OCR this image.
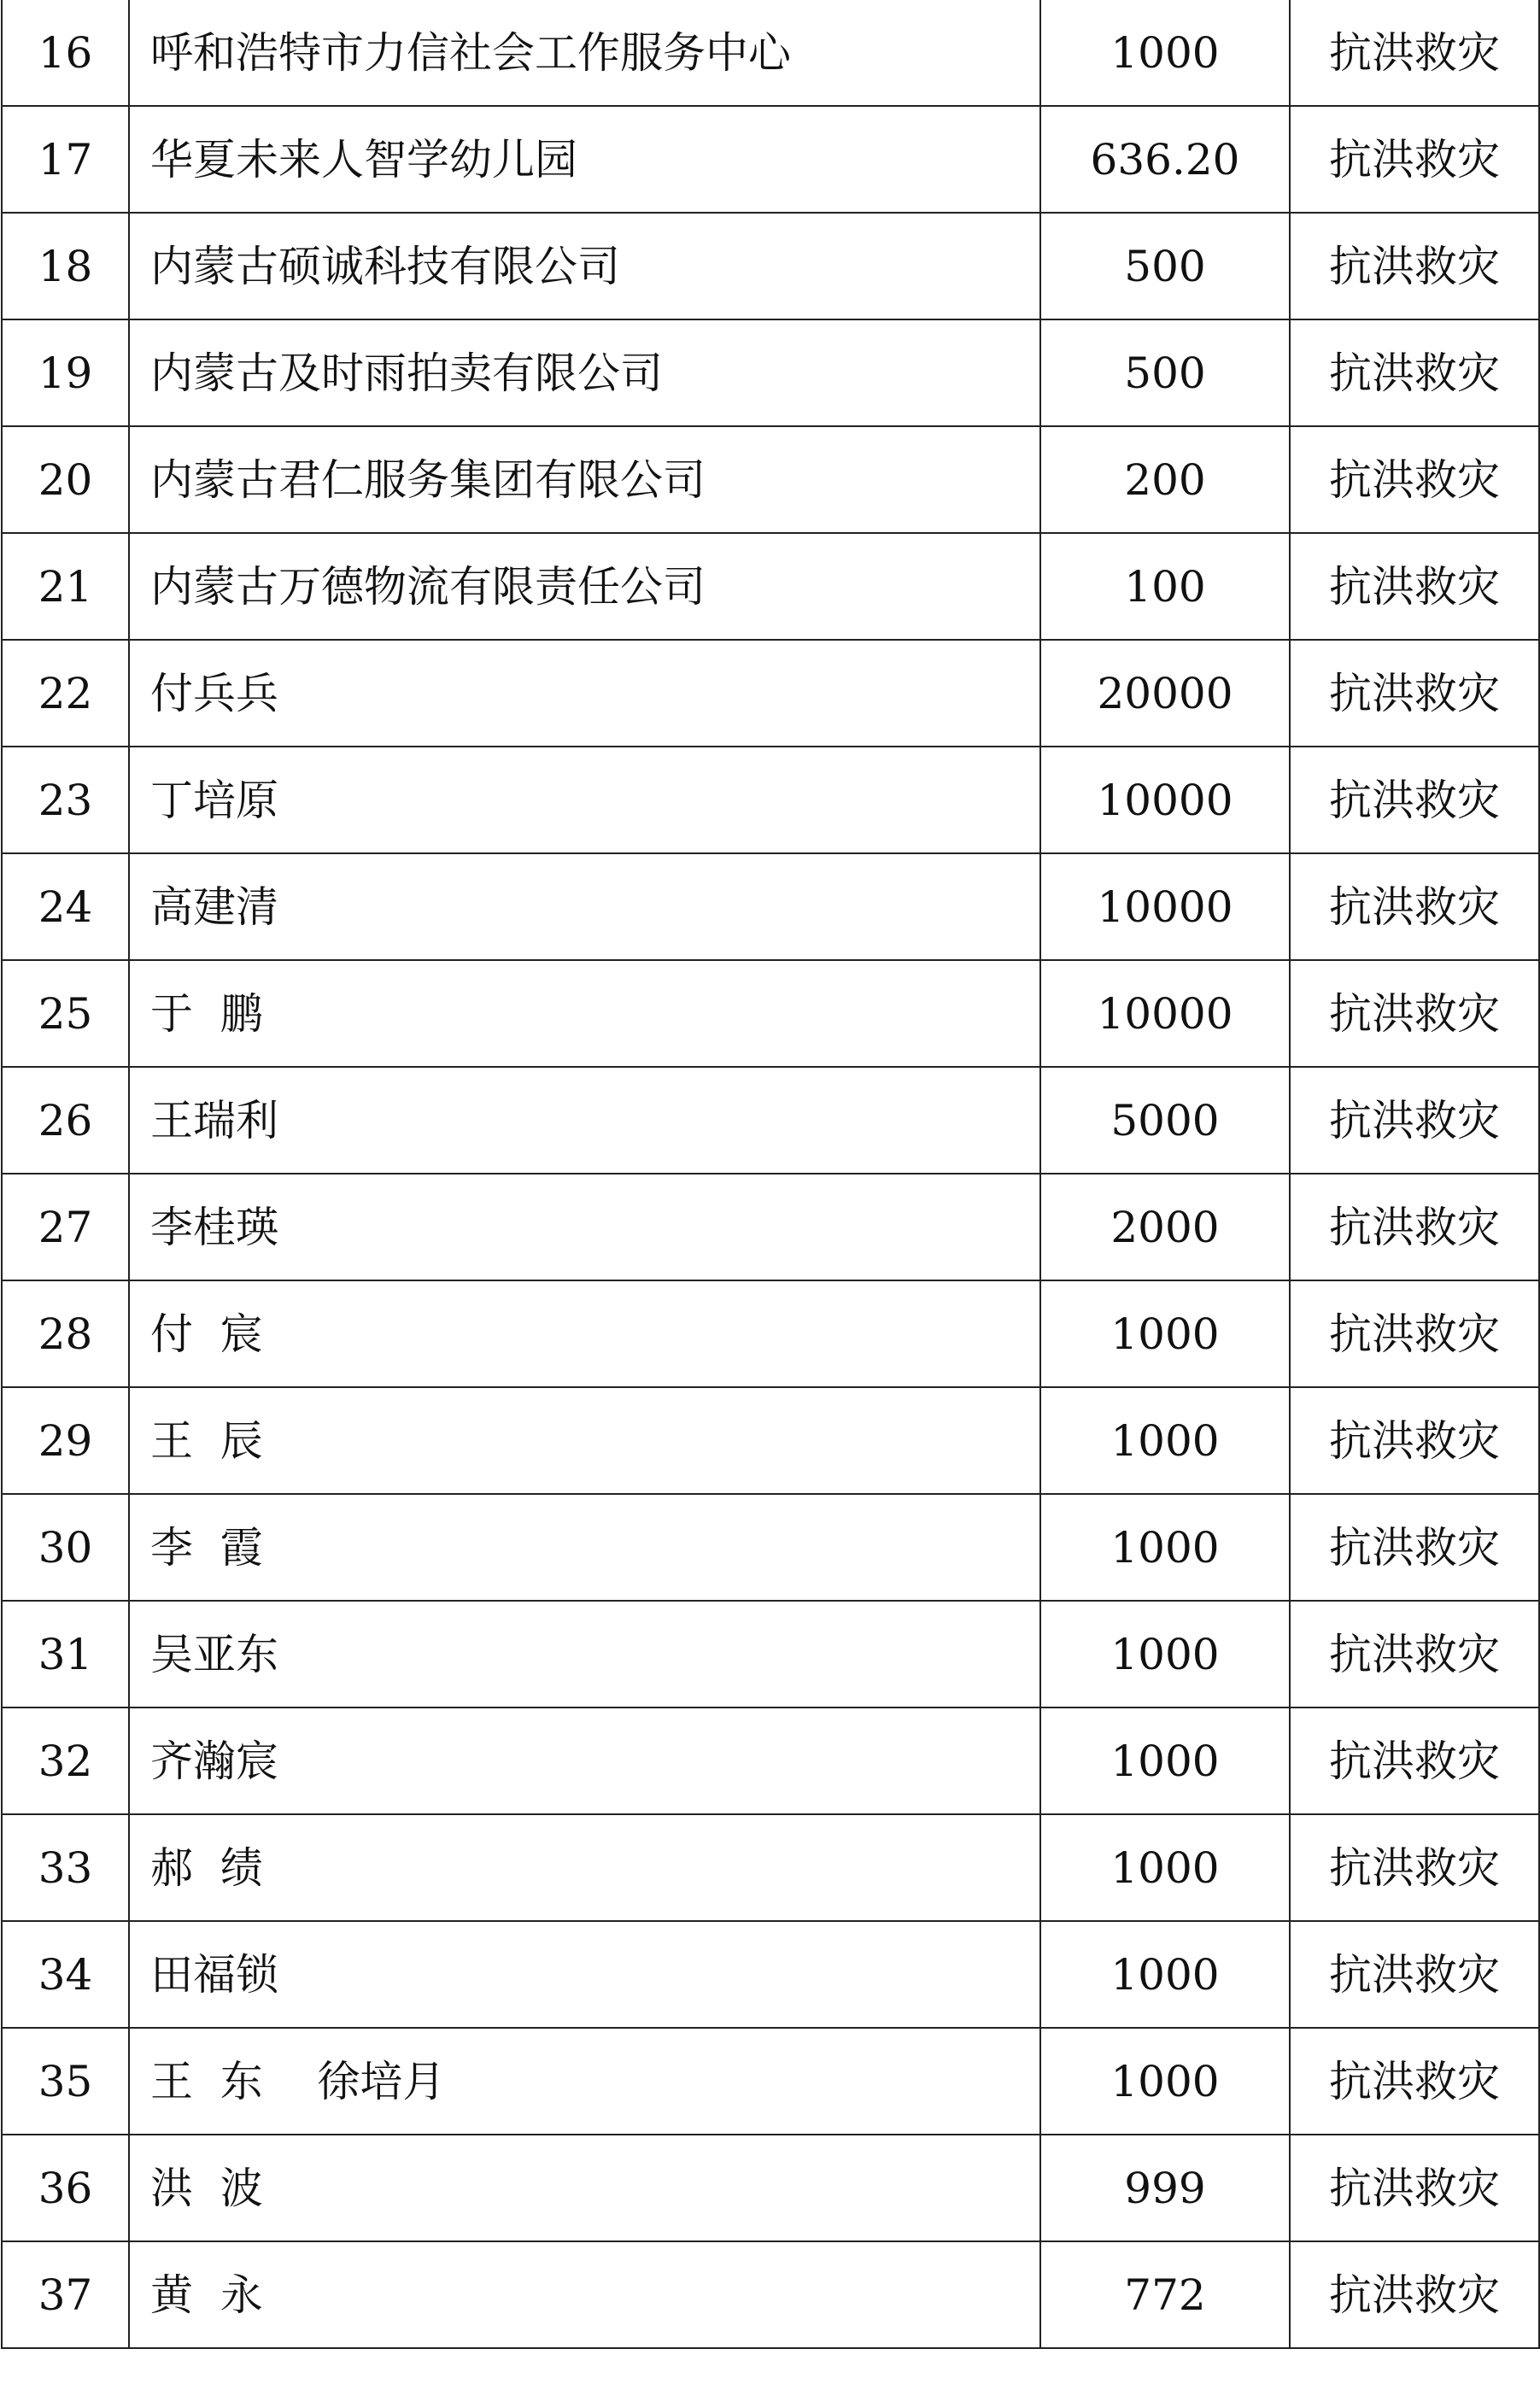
16	呼和浩特市力信社会工作服务中心	1000	抗洪救灾
17	华夏未来人智学幼儿园	636.20	抗洪救灾
18	内蒙古硕诚科技有限公司	500	抗洪救灾
19	内蒙古及时雨拍卖有限公司	500	抗洪救灾
20	内蒙古君仁服务集团有限公司	200	抗洪救灾
21	内蒙古万德物流有限责任公司	100	抗洪救灾
22	付兵兵	20000	抗洪救灾
23	丁培原	10000	抗洪救灾
24	高建清	10000	抗洪救灾
25	于  鹏	10000	抗洪救灾
26	王瑞利	5000	抗洪救灾
27	李桂瑛	2000	抗洪救灾
28	付  宸	1000	抗洪救灾
29	王  辰	1000	抗洪救灾
30	李  霞	1000	抗洪救灾
31	吴亚东	1000	抗洪救灾
32	齐瀚宸	1000	抗洪救灾
33	郝  绩	1000	抗洪救灾
34	田福锁	1000	抗洪救灾
35	王  东    徐培月	1000	抗洪救灾
36	洪  波	999	抗洪救灾
37	黄  永	772	抗洪救灾
